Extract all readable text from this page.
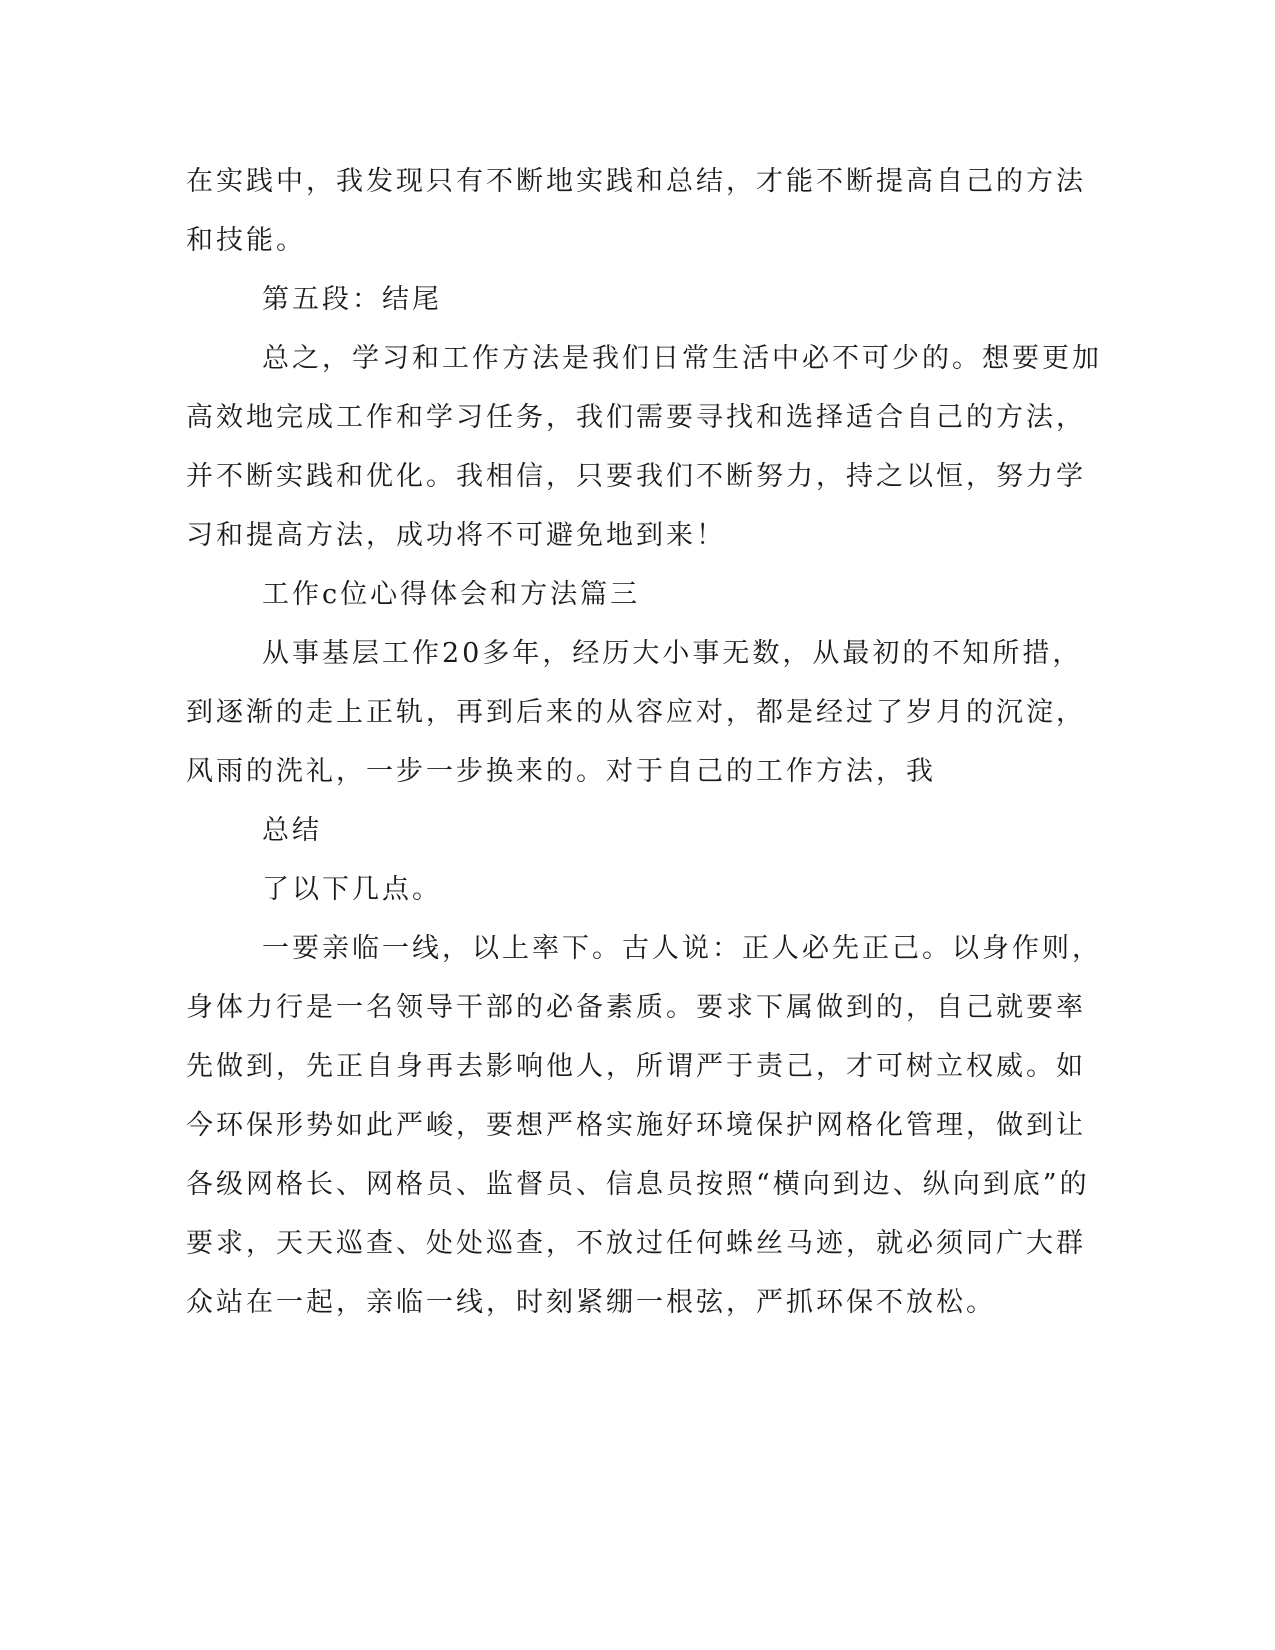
在实践中，我发现只有不断地实践和总结，才能不断提高自己的方法

和技能。

第五段：结尾

总之，学习和工作方法是我们日常生活中必不可少的。想要更加

高效地完成工作和学习任务，我们需要寻找和选择适合自己的方法，

并不断实践和优化。我相信，只要我们不断努力，持之以恒，努力学

习和提高方法，成功将不可避免地到来！

工作c位心得体会和方法篇三

从事基层工作20多年，经历大小事无数，从最初的不知所措，

到逐渐的走上正轨，再到后来的从容应对，都是经过了岁月的沉淀，

风雨的洗礼，一步一步换来的。对于自己的工作方法，我

总结

了以下几点。

一要亲临一线，以上率下。古人说：正人必先正己。以身作则，

身体力行是一名领导干部的必备素质。要求下属做到的，自己就要率

先做到，先正自身再去影响他人，所谓严于责己，才可树立权威。如

今环保形势如此严峻，要想严格实施好环境保护网格化管理，做到让

各级网格长、网格员、监督员、信息员按照“横向到边、纵向到底”的

要求，天天巡查、处处巡查，不放过任何蛛丝马迹，就必须同广大群

众站在一起，亲临一线，时刻紧绷一根弦，严抓环保不放松。
